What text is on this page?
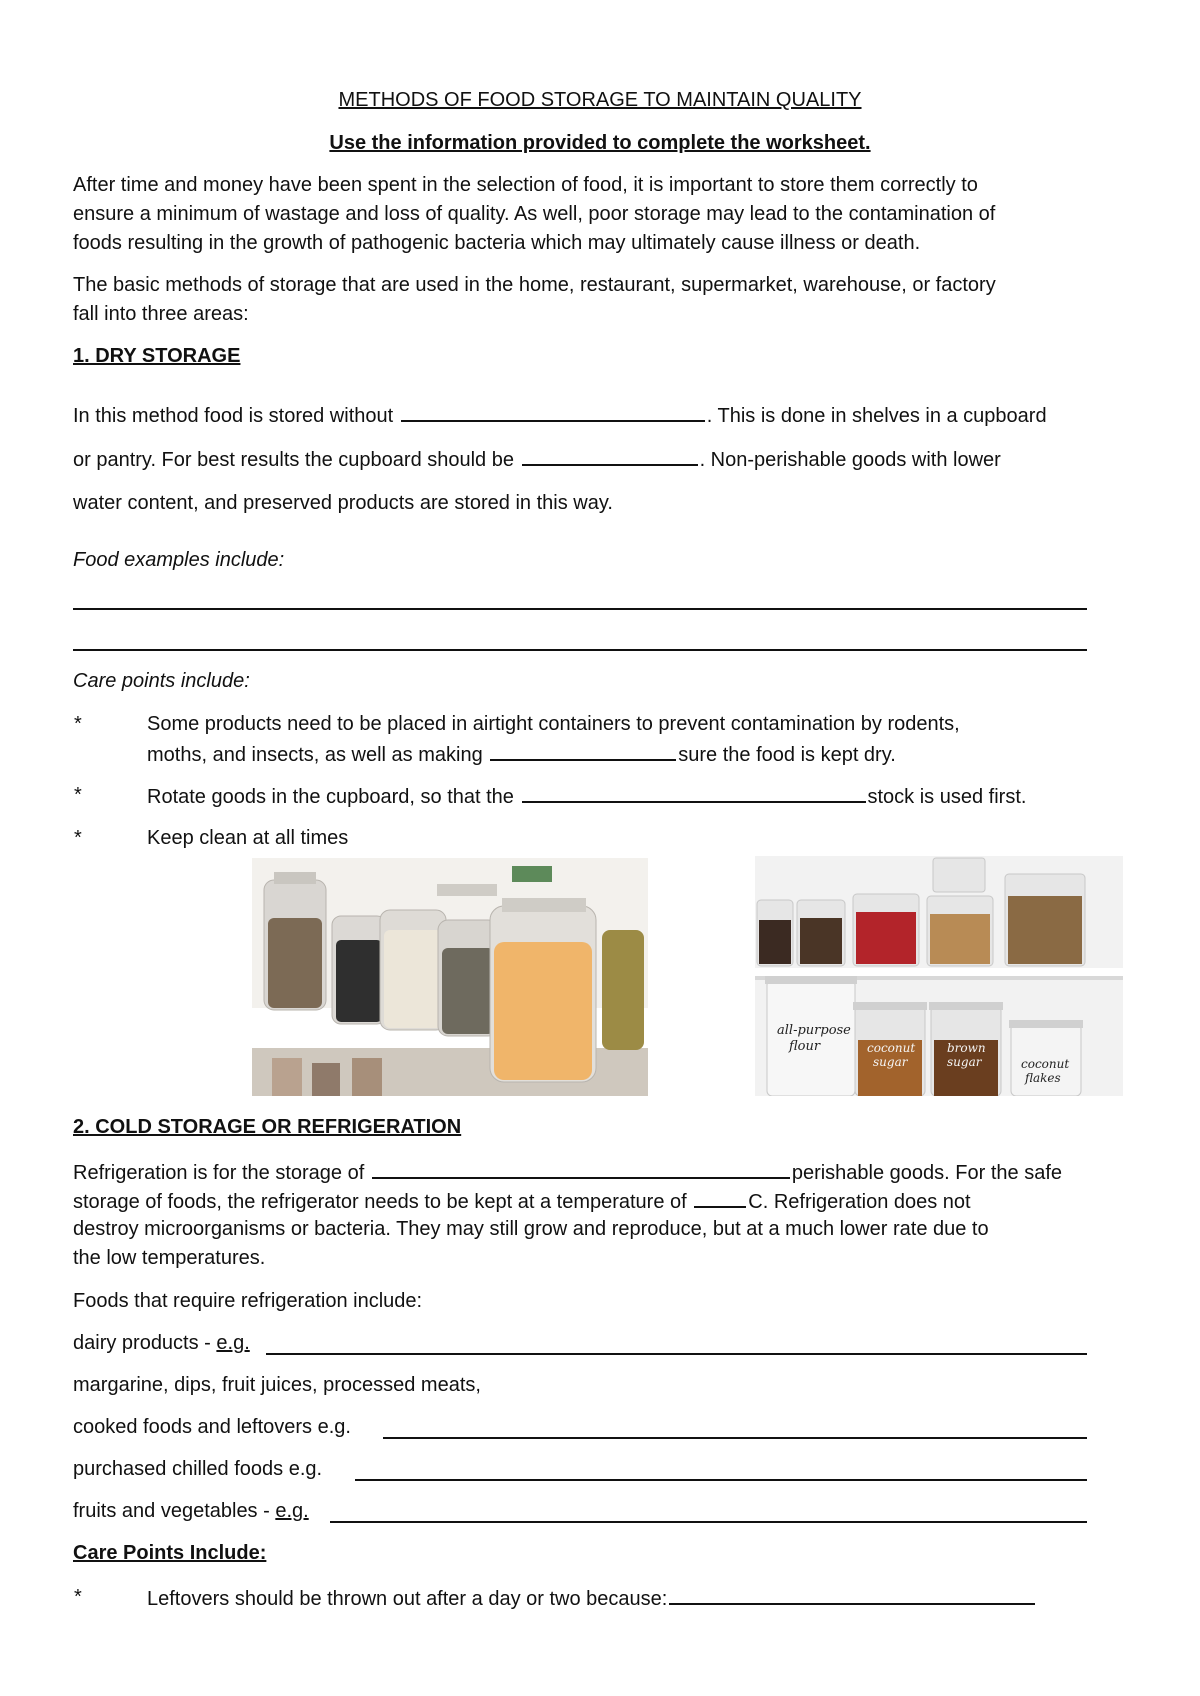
METHODS OF FOOD STORAGE TO MAINTAIN QUALITY
Use the information provided to complete the worksheet.
After time and money have been spent in the selection of food, it is important to store them correctly to
ensure a minimum of wastage and loss of quality. As well, poor storage may lead to the contamination of
foods resulting in the growth of pathogenic bacteria which may ultimately cause illness or death.
The basic methods of storage that are used in the home, restaurant, supermarket, warehouse, or factory
fall into three areas:
1. DRY STORAGE
In this method food is stored without	. This is done in shelves in a cupboard
or pantry. For best results the cupboard should be	. Non-perishable goods with lower
water content, and preserved products are stored in this way.
Food examples include:
Care points include:
*	Some products need to be placed in airtight containers to prevent contamination by rodents,
moths, and insects, as well as making	sure the food is kept dry.
*	Rotate goods in the cupboard, so that the	stock is used first.
*	Keep clean at all times
all-purpose
flour	coconut
sugar
brown
sugar	coconut
flakes
2. COLD STORAGE OR REFRIGERATION
Refrigeration is for the storage of	perishable goods. For the safe
storage of foods, the refrigerator needs to be kept at a temperature of	C. Refrigeration does not
destroy microorganisms or bacteria. They may still grow and reproduce, but at a much lower rate due to
the low temperatures.
Foods that require refrigeration include:
dairy products - e.g.
margarine, dips, fruit juices, processed meats,
cooked foods and leftovers e.g.
purchased chilled foods e.g.
fruits and vegetables - e.g.
Care Points Include:
*	Leftovers should be thrown out after a day or two because:
